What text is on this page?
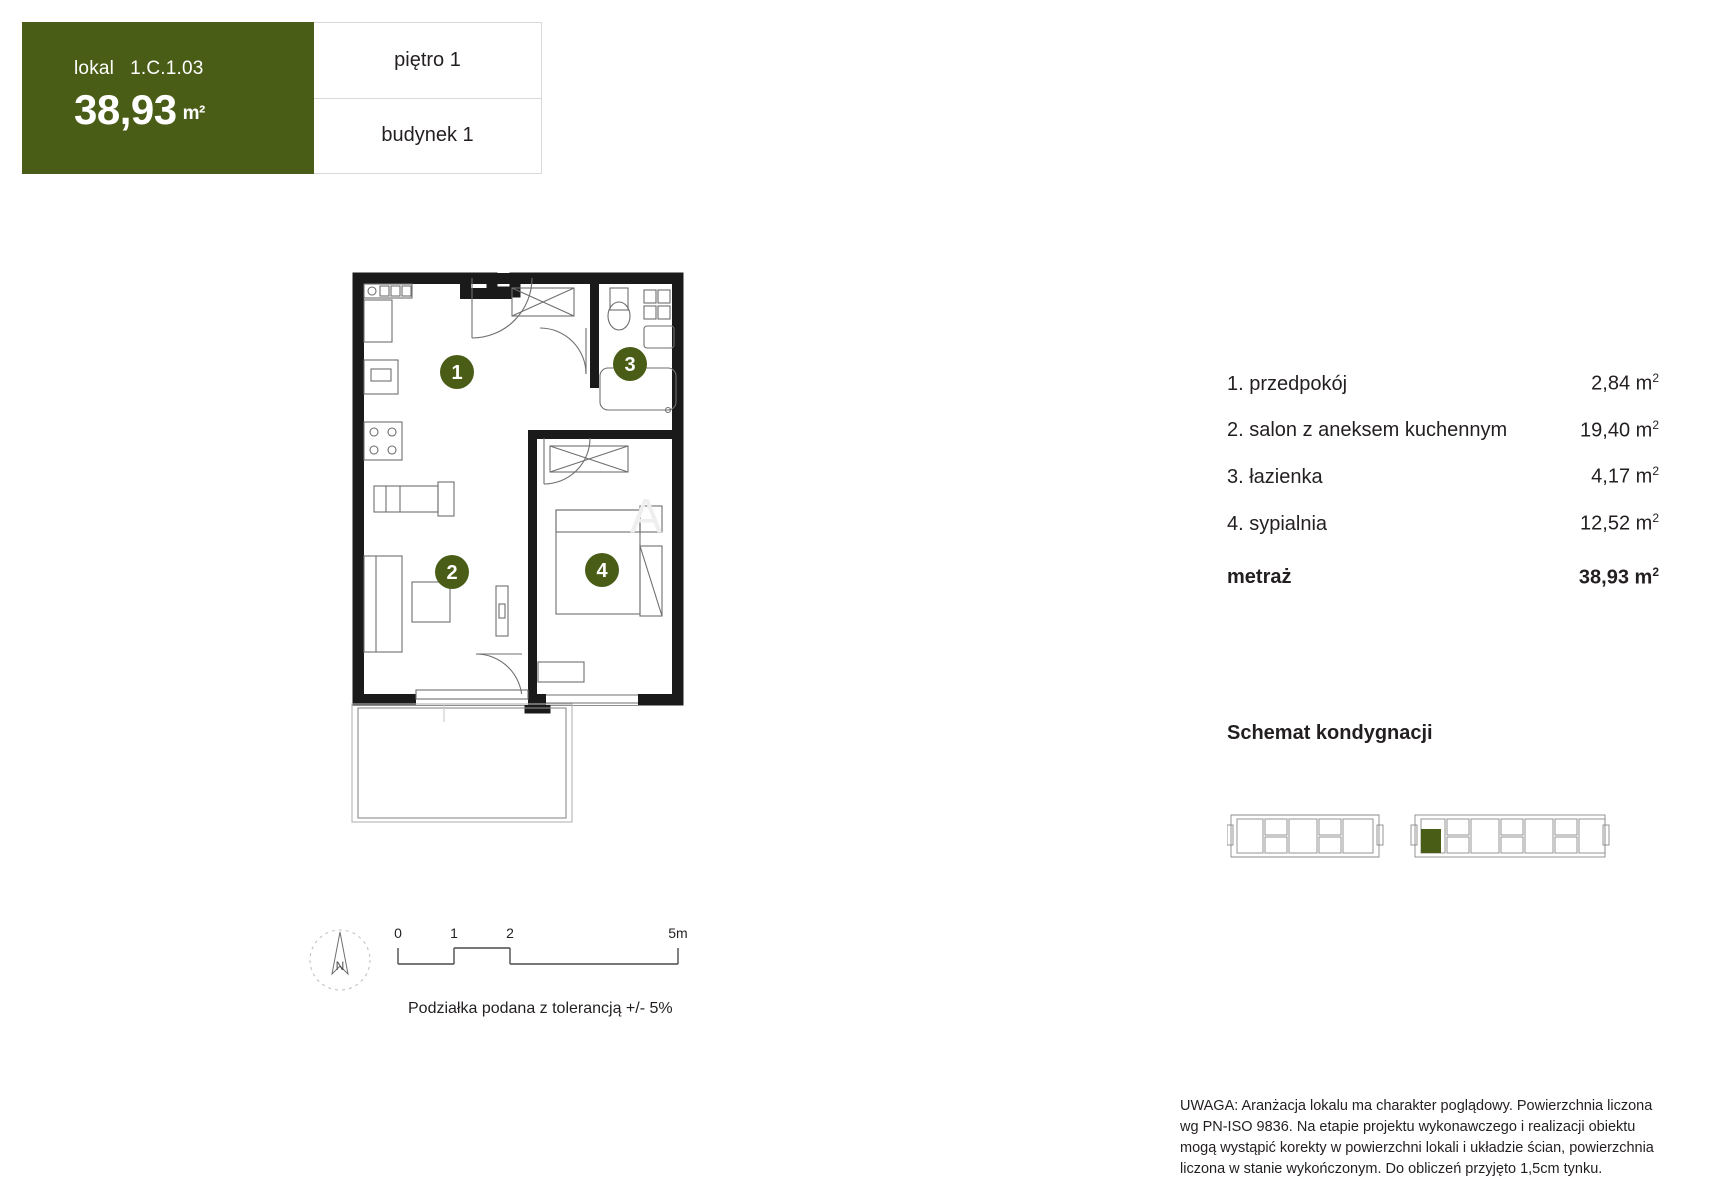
lokal 1.C.1.03
38,93 m²
piętro 1
budynek 1
A
1
2
3
4
N
0	1	2	5m
Podziałka podana z tolerancją +/- 5%
1. przedpokój	2,84 $m^2$
2. salon z aneksem kuchennym	19,40 $m^2$
3. łazienka	4,17 $m^2$
4. sypialnia	12,52 $m^2$
metraż	38,93 $m^2$
Schemat kondygnacji
UWAGA: Aranżacja lokalu ma charakter poglądowy. Powierzchnia liczona wg PN-ISO 9836. Na etapie projektu wykonawczego i realizacji obiektu mogą wystąpić korekty w powierzchni lokali i układzie ścian, powierzchnia liczona w stanie wykończonym. Do obliczeń przyjęto 1,5cm tynku.
